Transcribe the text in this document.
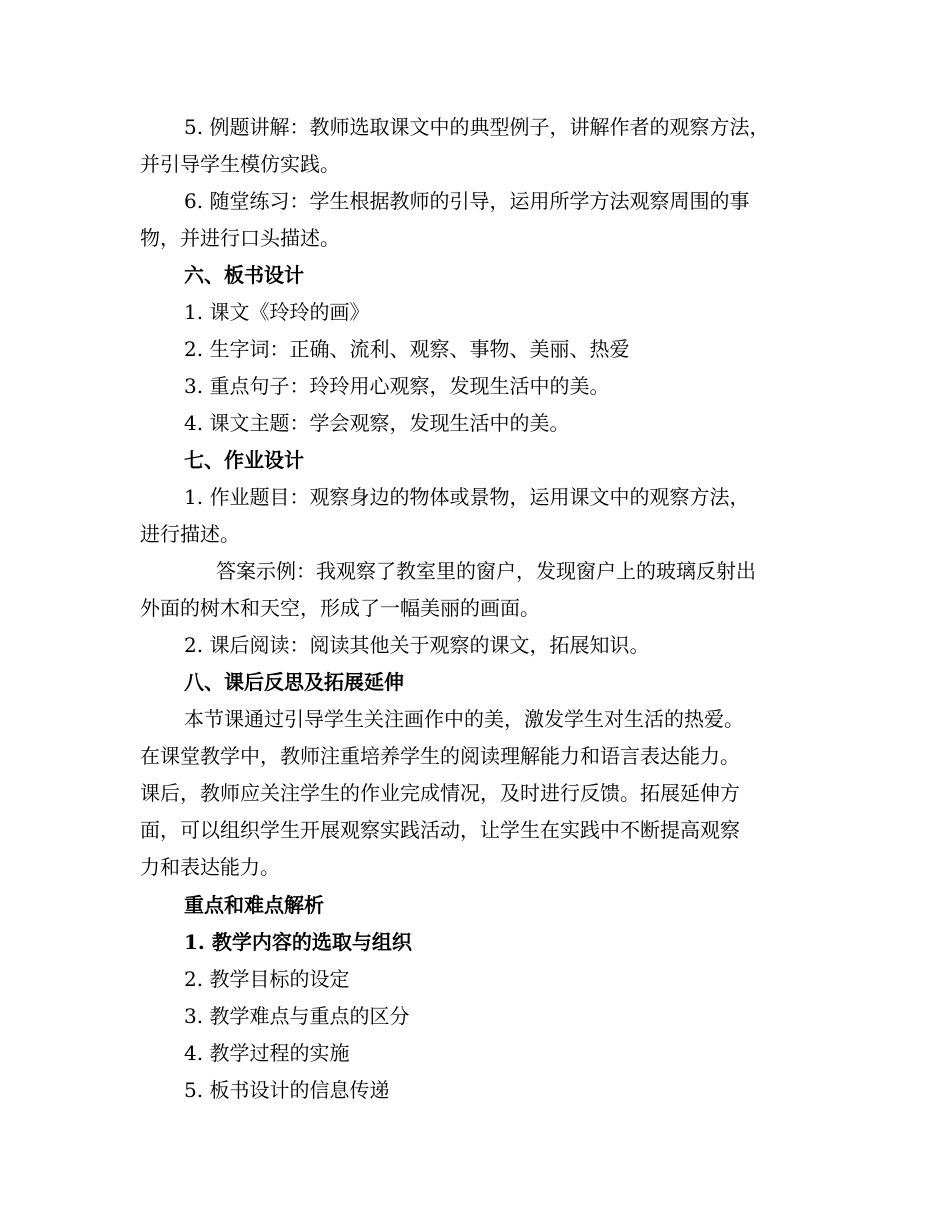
5. 例题讲解：教师选取课文中的典型例子，讲解作者的观察方法，
并引导学生模仿实践。
6. 随堂练习：学生根据教师的引导，运用所学方法观察周围的事
物，并进行口头描述。
六、板书设计
1. 课文《玲玲的画》
2. 生字词：正确、流利、观察、事物、美丽、热爱
3. 重点句子：玲玲用心观察，发现生活中的美。
4. 课文主题：学会观察，发现生活中的美。
七、作业设计
1. 作业题目：观察身边的物体或景物，运用课文中的观察方法，
进行描述。
答案示例：我观察了教室里的窗户，发现窗户上的玻璃反射出
外面的树木和天空，形成了一幅美丽的画面。
2. 课后阅读：阅读其他关于观察的课文，拓展知识。
八、课后反思及拓展延伸
本节课通过引导学生关注画作中的美，激发学生对生活的热爱。
在课堂教学中，教师注重培养学生的阅读理解能力和语言表达能力。
课后，教师应关注学生的作业完成情况，及时进行反馈。拓展延伸方
面，可以组织学生开展观察实践活动，让学生在实践中不断提高观察
力和表达能力。
重点和难点解析
1. 教学内容的选取与组织
2. 教学目标的设定
3. 教学难点与重点的区分
4. 教学过程的实施
5. 板书设计的信息传递
